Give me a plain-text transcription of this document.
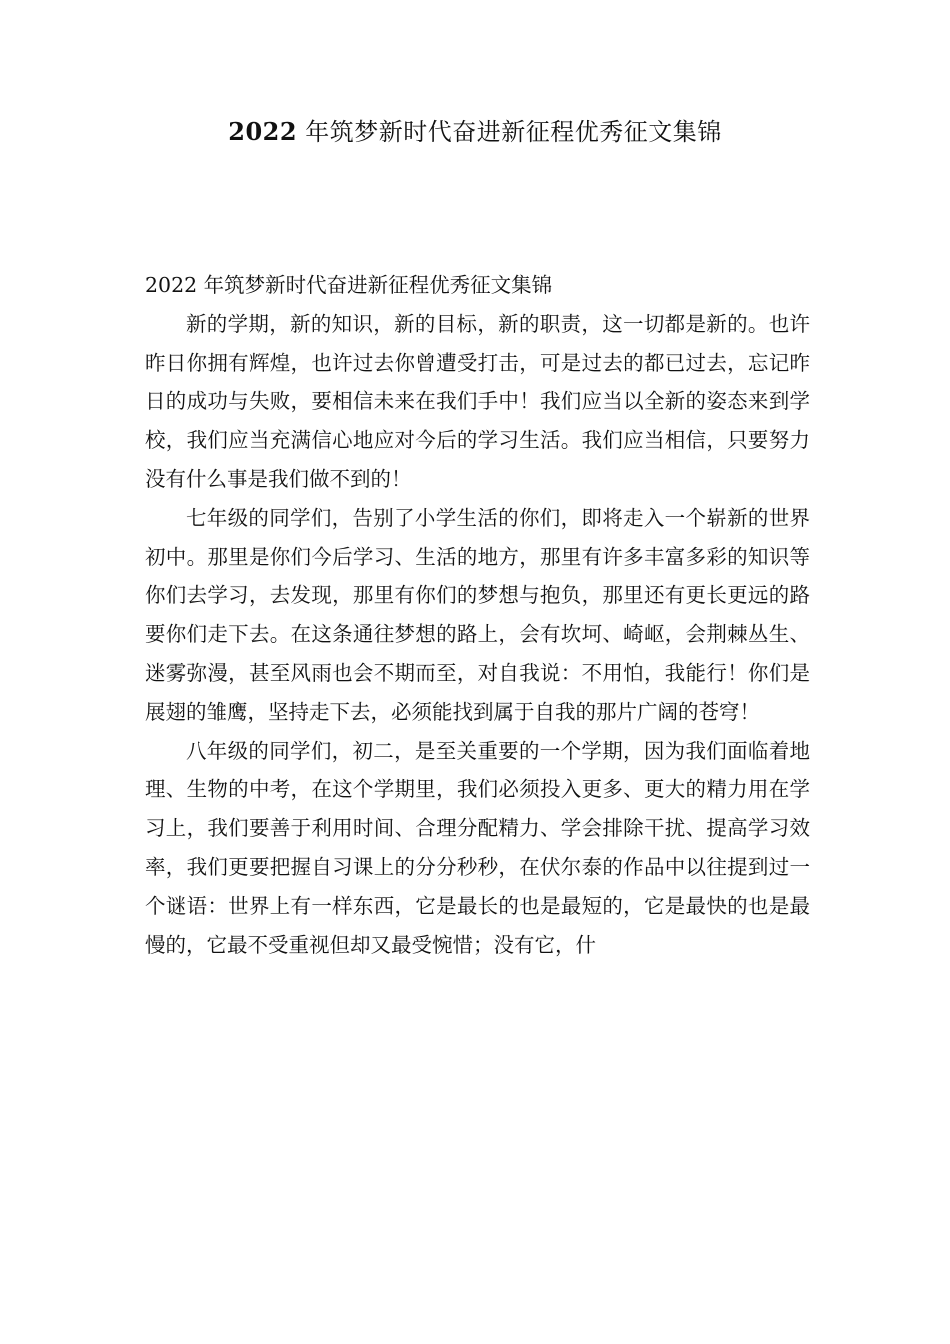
2022 年筑梦新时代奋进新征程优秀征文集锦

2022 年筑梦新时代奋进新征程优秀征文集锦

新的学期，新的知识，新的目标，新的职责，这一切都是新的。也许昨日你拥有辉煌，也许过去你曾遭受打击，可是过去的都已过去，忘记昨日的成功与失败，要相信未来在我们手中！我们应当以全新的姿态来到学校，我们应当充满信心地应对今后的学习生活。我们应当相信，只要努力没有什么事是我们做不到的！

七年级的同学们，告别了小学生活的你们，即将走入一个崭新的世界初中。那里是你们今后学习、生活的地方，那里有许多丰富多彩的知识等你们去学习，去发现，那里有你们的梦想与抱负，那里还有更长更远的路要你们走下去。在这条通往梦想的路上，会有坎坷、崎岖，会荆棘丛生、迷雾弥漫，甚至风雨也会不期而至，对自我说：不用怕，我能行！你们是展翅的雏鹰，坚持走下去，必须能找到属于自我的那片广阔的苍穹！

八年级的同学们，初二，是至关重要的一个学期，因为我们面临着地理、生物的中考，在这个学期里，我们必须投入更多、更大的精力用在学习上，我们要善于利用时间、合理分配精力、学会排除干扰、提高学习效率，我们更要把握自习课上的分分秒秒，在伏尔泰的作品中以往提到过一个谜语：世界上有一样东西，它是最长的也是最短的，它是最快的也是最慢的，它最不受重视但却又最受惋惜；没有它，什
